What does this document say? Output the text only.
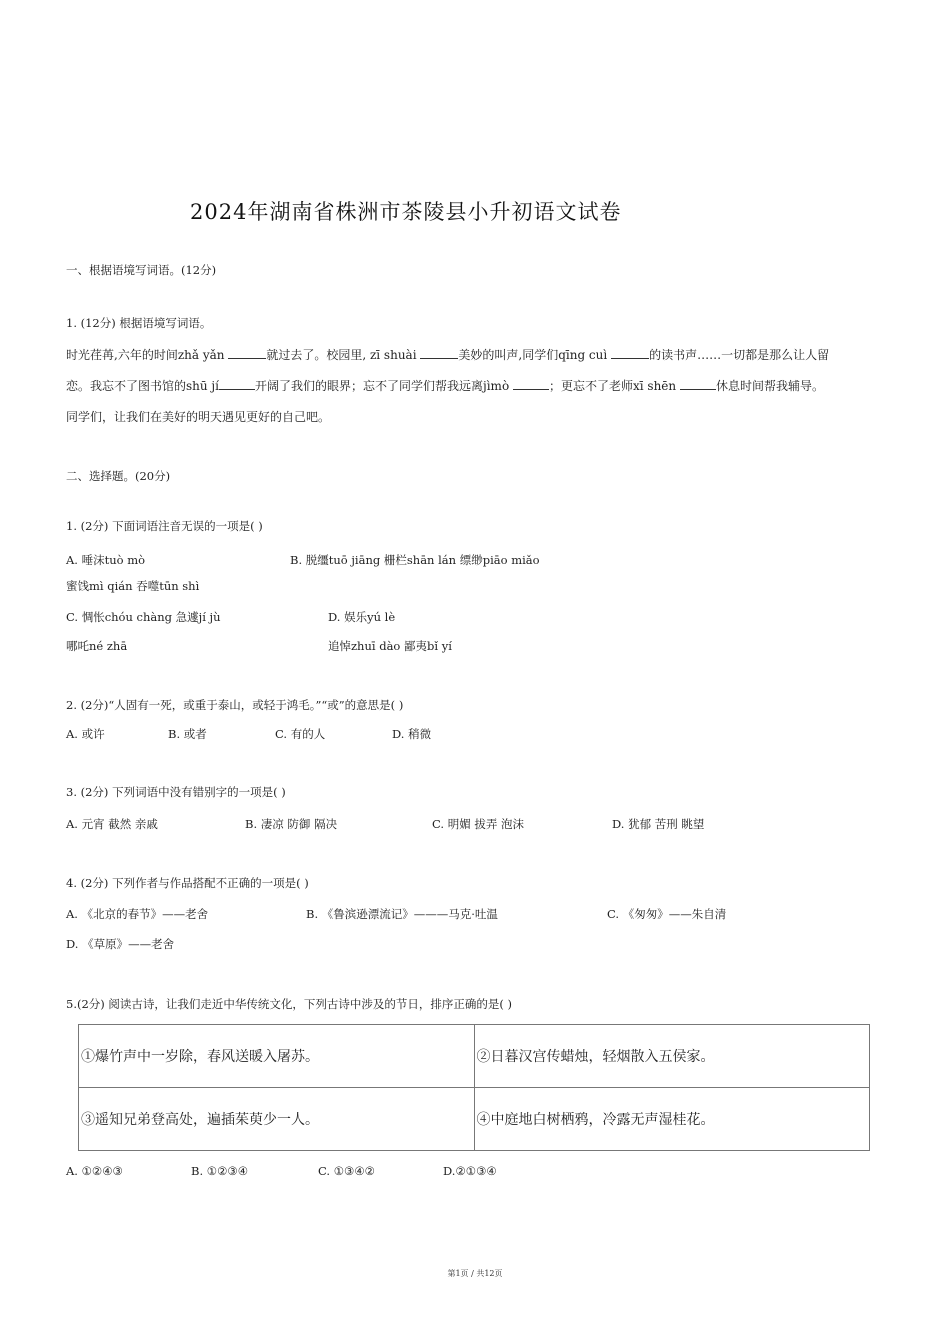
2024年湖南省株洲市茶陵县小升初语文试卷
一、根据语境写词语。(12分)
1. (12分) 根据语境写词语。
时光荏苒,六年的时间zhǎ yǎn	就过去了。校园里, zī shuài	美妙的叫声,同学们qīng cuì	的读书声……一切都是那么让人留
恋。我忘不了图书馆的shū jí	开阔了我们的眼界；忘不了同学们帮我远离jìmò	；更忘不了老师xī shēn	休息时间帮我辅导。
同学们，让我们在美好的明天遇见更好的自己吧。
二、选择题。(20分)
1. (2分) 下面词语注音无误的一项是( )
A. 唾沫tuò mò	B. 脱缰tuō jiāng 栅栏shān lán 缥缈piāo miǎo
蜜饯mì qián 吞噬tūn shì
C. 惆怅chóu chàng 急遽jí jù	D. 娱乐yú lè
哪吒né zhā	追悼zhuī dào 鄙夷bǐ yí
2. (2分)“人固有一死，或重于泰山，或轻于鸿毛。”“或”的意思是( )
A. 或许	B. 或者	C. 有的人	D. 稍微
3. (2分) 下列词语中没有错别字的一项是( )
A. 元宵 截然 亲戚	B. 凄凉 防御 隔决	C. 明媚 拔弄 泡沫	D. 犹郁 苦刑 眺望
4. (2分) 下列作者与作品搭配不正确的一项是( )
A. 《北京的春节》——老舍	B. 《鲁滨逊漂流记》———马克·吐温	C. 《匆匆》——朱自清
D. 《草原》——老舍
5.(2分) 阅读古诗，让我们走近中华传统文化，下列古诗中涉及的节日，排序正确的是( )
①爆竹声中一岁除，春风送暖入屠苏。	②日暮汉宫传蜡烛，轻烟散入五侯家。
③遥知兄弟登高处，遍插茱萸少一人。	④中庭地白树栖鸦，冷露无声湿桂花。
A. ①②④③	B. ①②③④	C. ①③④②	D.②①③④
第1页 / 共12页
